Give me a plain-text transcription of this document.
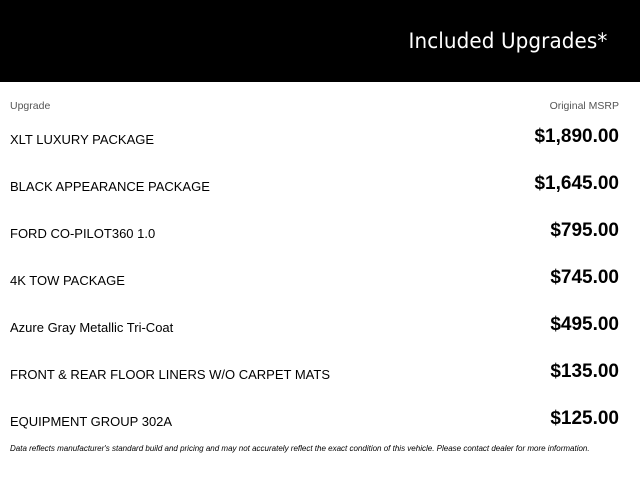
Included Upgrades*
Upgrade	Original MSRP
XLT LUXURY PACKAGE	$1,890.00
BLACK APPEARANCE PACKAGE	$1,645.00
FORD CO-PILOT360 1.0	$795.00
4K TOW PACKAGE	$745.00
Azure Gray Metallic Tri-Coat	$495.00
FRONT & REAR FLOOR LINERS W/O CARPET MATS	$135.00
EQUIPMENT GROUP 302A	$125.00
Data reflects manufacturer's standard build and pricing and may not accurately reflect the exact condition of this vehicle. Please contact dealer for more information.
